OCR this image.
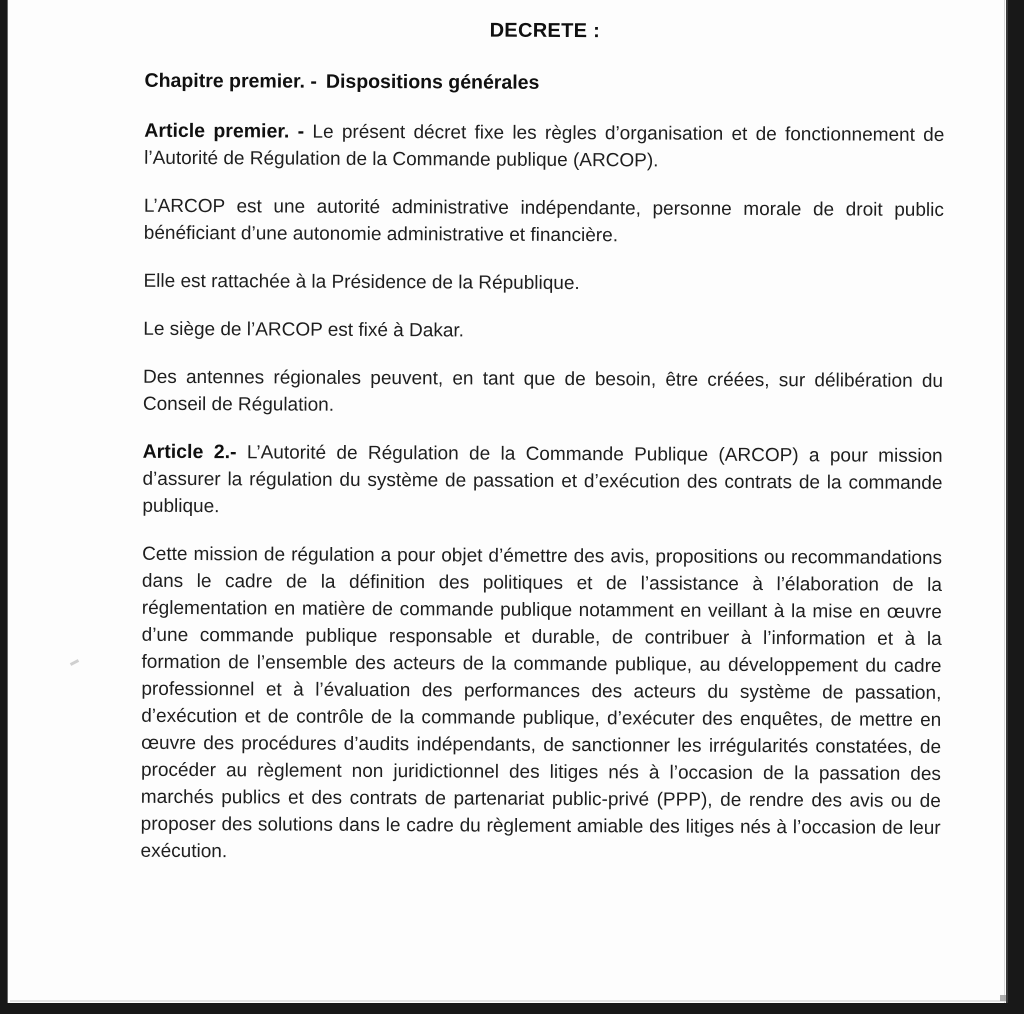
DECRETE :
Chapitre premier. - Dispositions générales

Article premier. - Le présent décret fixe les règles d’organisation et de fonctionnement de l’Autorité de Régulation de la Commande publique (ARCOP).

L’ARCOP est une autorité administrative indépendante, personne morale de droit public bénéficiant d’une autonomie administrative et financière.

Elle est rattachée à la Présidence de la République.

Le siège de l’ARCOP est fixé à Dakar.

Des antennes régionales peuvent, en tant que de besoin, être créées, sur délibération du Conseil de Régulation.

Article 2.- L’Autorité de Régulation de la Commande Publique (ARCOP) a pour mission d’assurer la régulation du système de passation et d’exécution des contrats de la commande publique.

Cette mission de régulation a pour objet d’émettre des avis, propositions ou recommandations dans le cadre de la définition des politiques et de l’assistance à l’élaboration de la réglementation en matière de commande publique notamment en veillant à la mise en œuvre d’une commande publique responsable et durable, de contribuer à l’information et à la formation de l’ensemble des acteurs de la commande publique, au développement du cadre professionnel et à l’évaluation des performances des acteurs du système de passation, d’exécution et de contrôle de la commande publique, d’exécuter des enquêtes, de mettre en œuvre des procédures d’audits indépendants, de sanctionner les irrégularités constatées, de procéder au règlement non juridictionnel des litiges nés à l’occasion de la passation des marchés publics et des contrats de partenariat public-privé (PPP), de rendre des avis ou de proposer des solutions dans le cadre du règlement amiable des litiges nés à l’occasion de leur exécution.
